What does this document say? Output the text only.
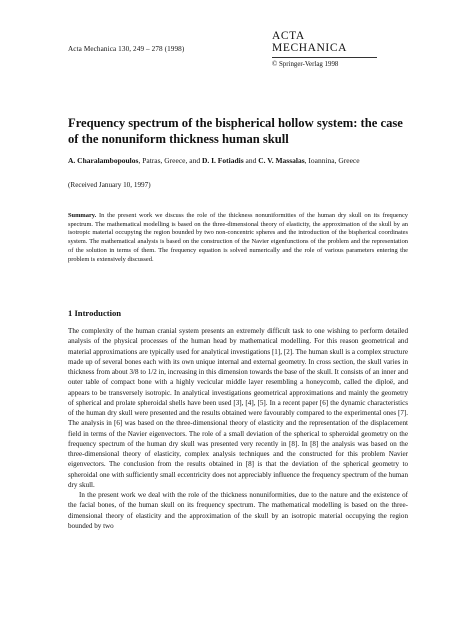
Acta Mechanica 130, 249 – 278 (1998)
ACTA MECHANICA
© Springer-Verlag 1998
Frequency spectrum of the bispherical hollow system: the case of the nonuniform thickness human skull
A. Charalambopoulos, Patras, Greece, and D. I. Fotiadis and C. V. Massalas, Ioannina, Greece
(Received January 10, 1997)

Summary. In the present work we discuss the role of the thickness nonuniformities of the human dry skull on its frequency spectrum. The mathematical modelling is based on the three-dimensional theory of elasticity, the approximation of the skull by an isotropic material occupying the region bounded by two non-concentric spheres and the introduction of the bispherical coordinates system. The mathematical analysis is based on the construction of the Navier eigenfunctions of the problem and the representation of the solution in terms of them. The frequency equation is solved numerically and the role of various parameters entering the problem is extensively discussed.

1 Introduction

The complexity of the human cranial system presents an extremely difficult task to one wishing to perform detailed analysis of the physical processes of the human head by mathematical modelling. For this reason geometrical and material approximations are typically used for analytical investigations [1], [2]. The human skull is a complex structure made up of several bones each with its own unique internal and external geometry. In cross section, the skull varies in thickness from about 3/8 to 1/2 in, increasing in this dimension towards the base of the skull. It consists of an inner and outer table of compact bone with a highly vecicular middle layer resembling a honeycomb, called the diploë, and appears to be transversely isotropic. In analytical investigations geometrical approximations and mainly the geometry of spherical and prolate spheroidal shells have been used [3], [4], [5]. In a recent paper [6] the dynamic characteristics of the human dry skull were presented and the results obtained were favourably compared to the experimental ones [7]. The analysis in [6] was based on the three-dimensional theory of elasticity and the representation of the displacement field in terms of the Navier eigenvectors. The role of a small deviation of the spherical to spheroidal geometry on the frequency spectrum of the human dry skull was presented very recently in [8]. In [8] the analysis was based on the three-dimensional theory of elasticity, complex analysis techniques and the constructed for this problem Navier eigenvectors. The conclusion from the results obtained in [8] is that the deviation of the spherical geometry to spheroidal one with sufficiently small eccentricity does not appreciably influence the frequency spectrum of the human dry skull.

In the present work we deal with the role of the thickness nonuniformities, due to the nature and the existence of the facial bones, of the human skull on its frequency spectrum. The mathematical modelling is based on the three-dimensional theory of elasticity and the approximation of the skull by an isotropic material occupying the region bounded by two
